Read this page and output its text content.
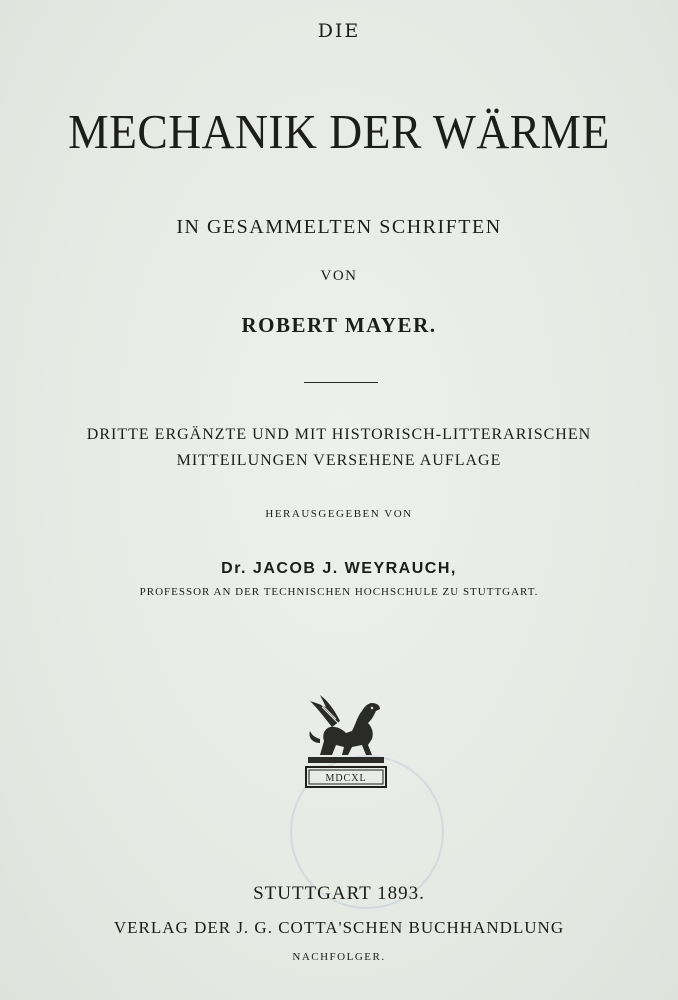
DIE
MECHANIK DER WÄRME
IN GESAMMELTEN SCHRIFTEN
VON
ROBERT MAYER.
DRITTE ERGÄNZTE UND MIT HISTORISCH-LITTERARISCHEN
MITTEILUNGEN VERSEHENE AUFLAGE
HERAUSGEGEBEN VON
Dr. JACOB J. WEYRAUCH,
PROFESSOR AN DER TECHNISCHEN HOCHSCHULE ZU STUTTGART.
MDCXL
STUTTGART 1893.
VERLAG DER J. G. COTTA'SCHEN BUCHHANDLUNG
NACHFOLGER.
